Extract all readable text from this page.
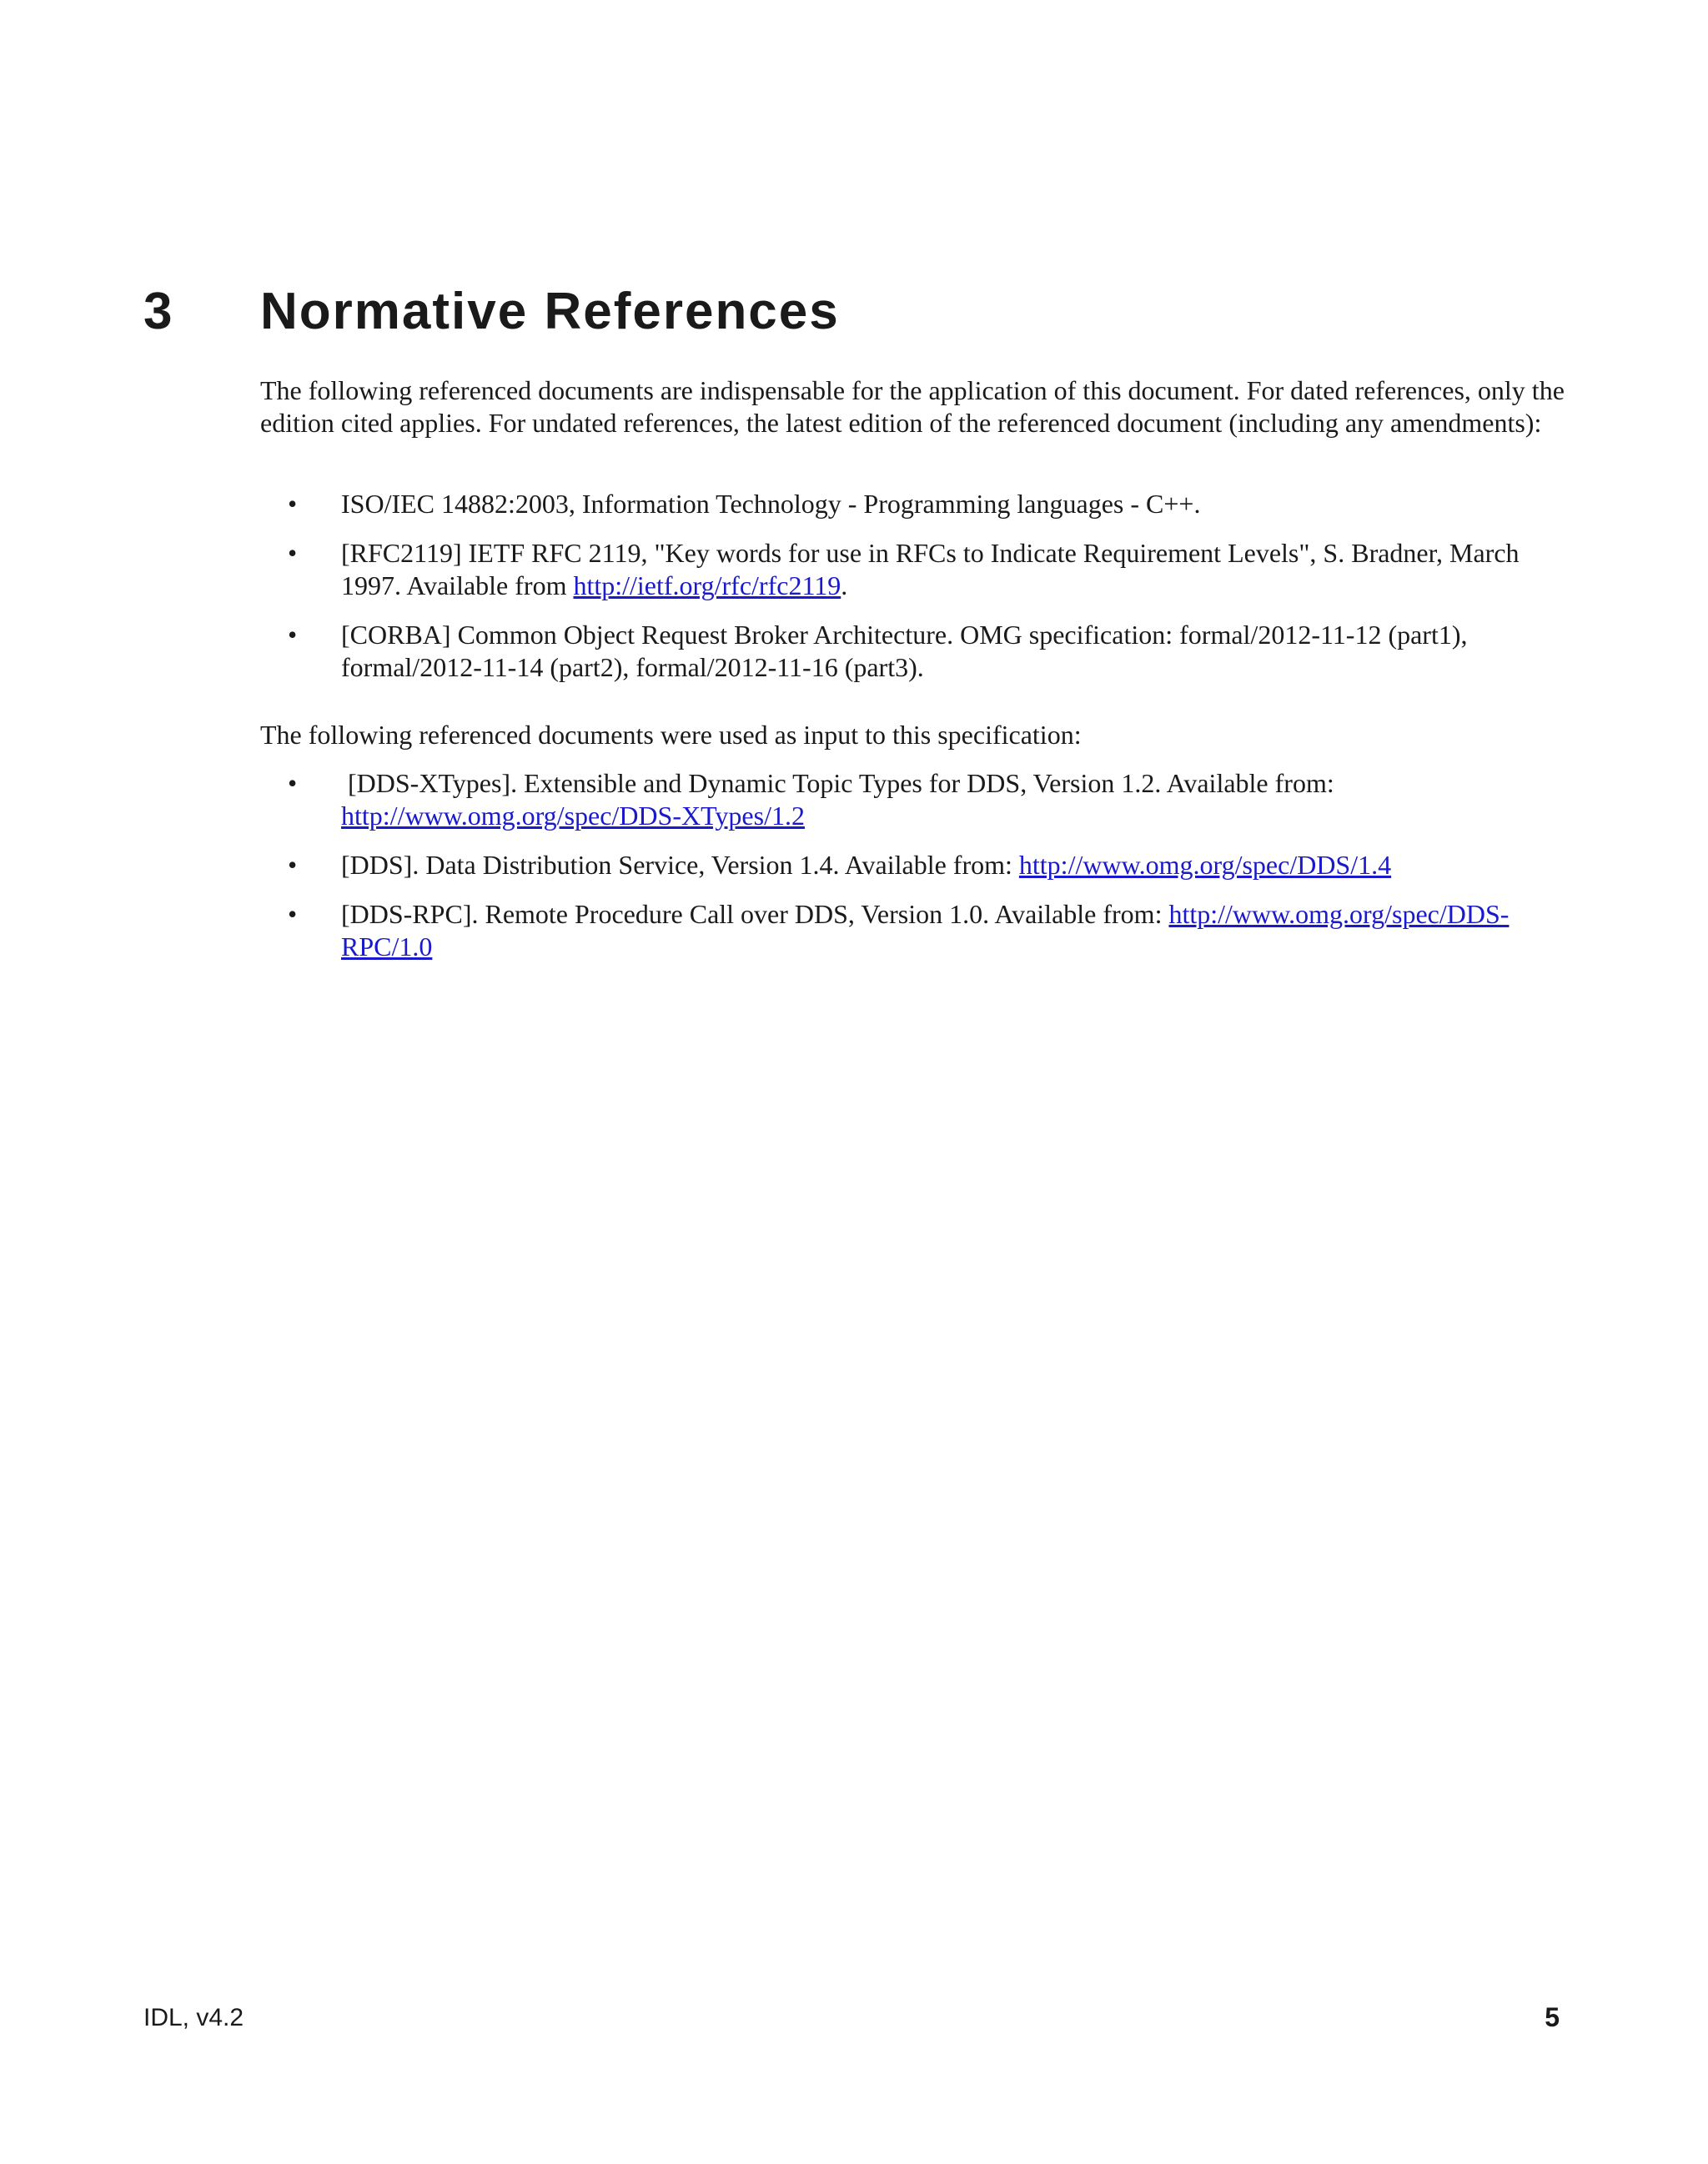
3 Normative References

The following referenced documents are indispensable for the application of this document. For dated references, only the edition cited applies. For undated references, the latest edition of the referenced document (including any amendments):

• ISO/IEC 14882:2003, Information Technology - Programming languages - C++.
• [RFC2119] IETF RFC 2119, "Key words for use in RFCs to Indicate Requirement Levels", S. Bradner, March 1997. Available from http://ietf.org/rfc/rfc2119.
• [CORBA] Common Object Request Broker Architecture. OMG specification: formal/2012-11-12 (part1), formal/2012-11-14 (part2), formal/2012-11-16 (part3).

The following referenced documents were used as input to this specification:

• [DDS-XTypes]. Extensible and Dynamic Topic Types for DDS, Version 1.2. Available from: http://www.omg.org/spec/DDS-XTypes/1.2
• [DDS]. Data Distribution Service, Version 1.4. Available from: http://www.omg.org/spec/DDS/1.4
• [DDS-RPC]. Remote Procedure Call over DDS, Version 1.0. Available from: http://www.omg.org/spec/DDS-RPC/1.0
IDL, v4.2	5
